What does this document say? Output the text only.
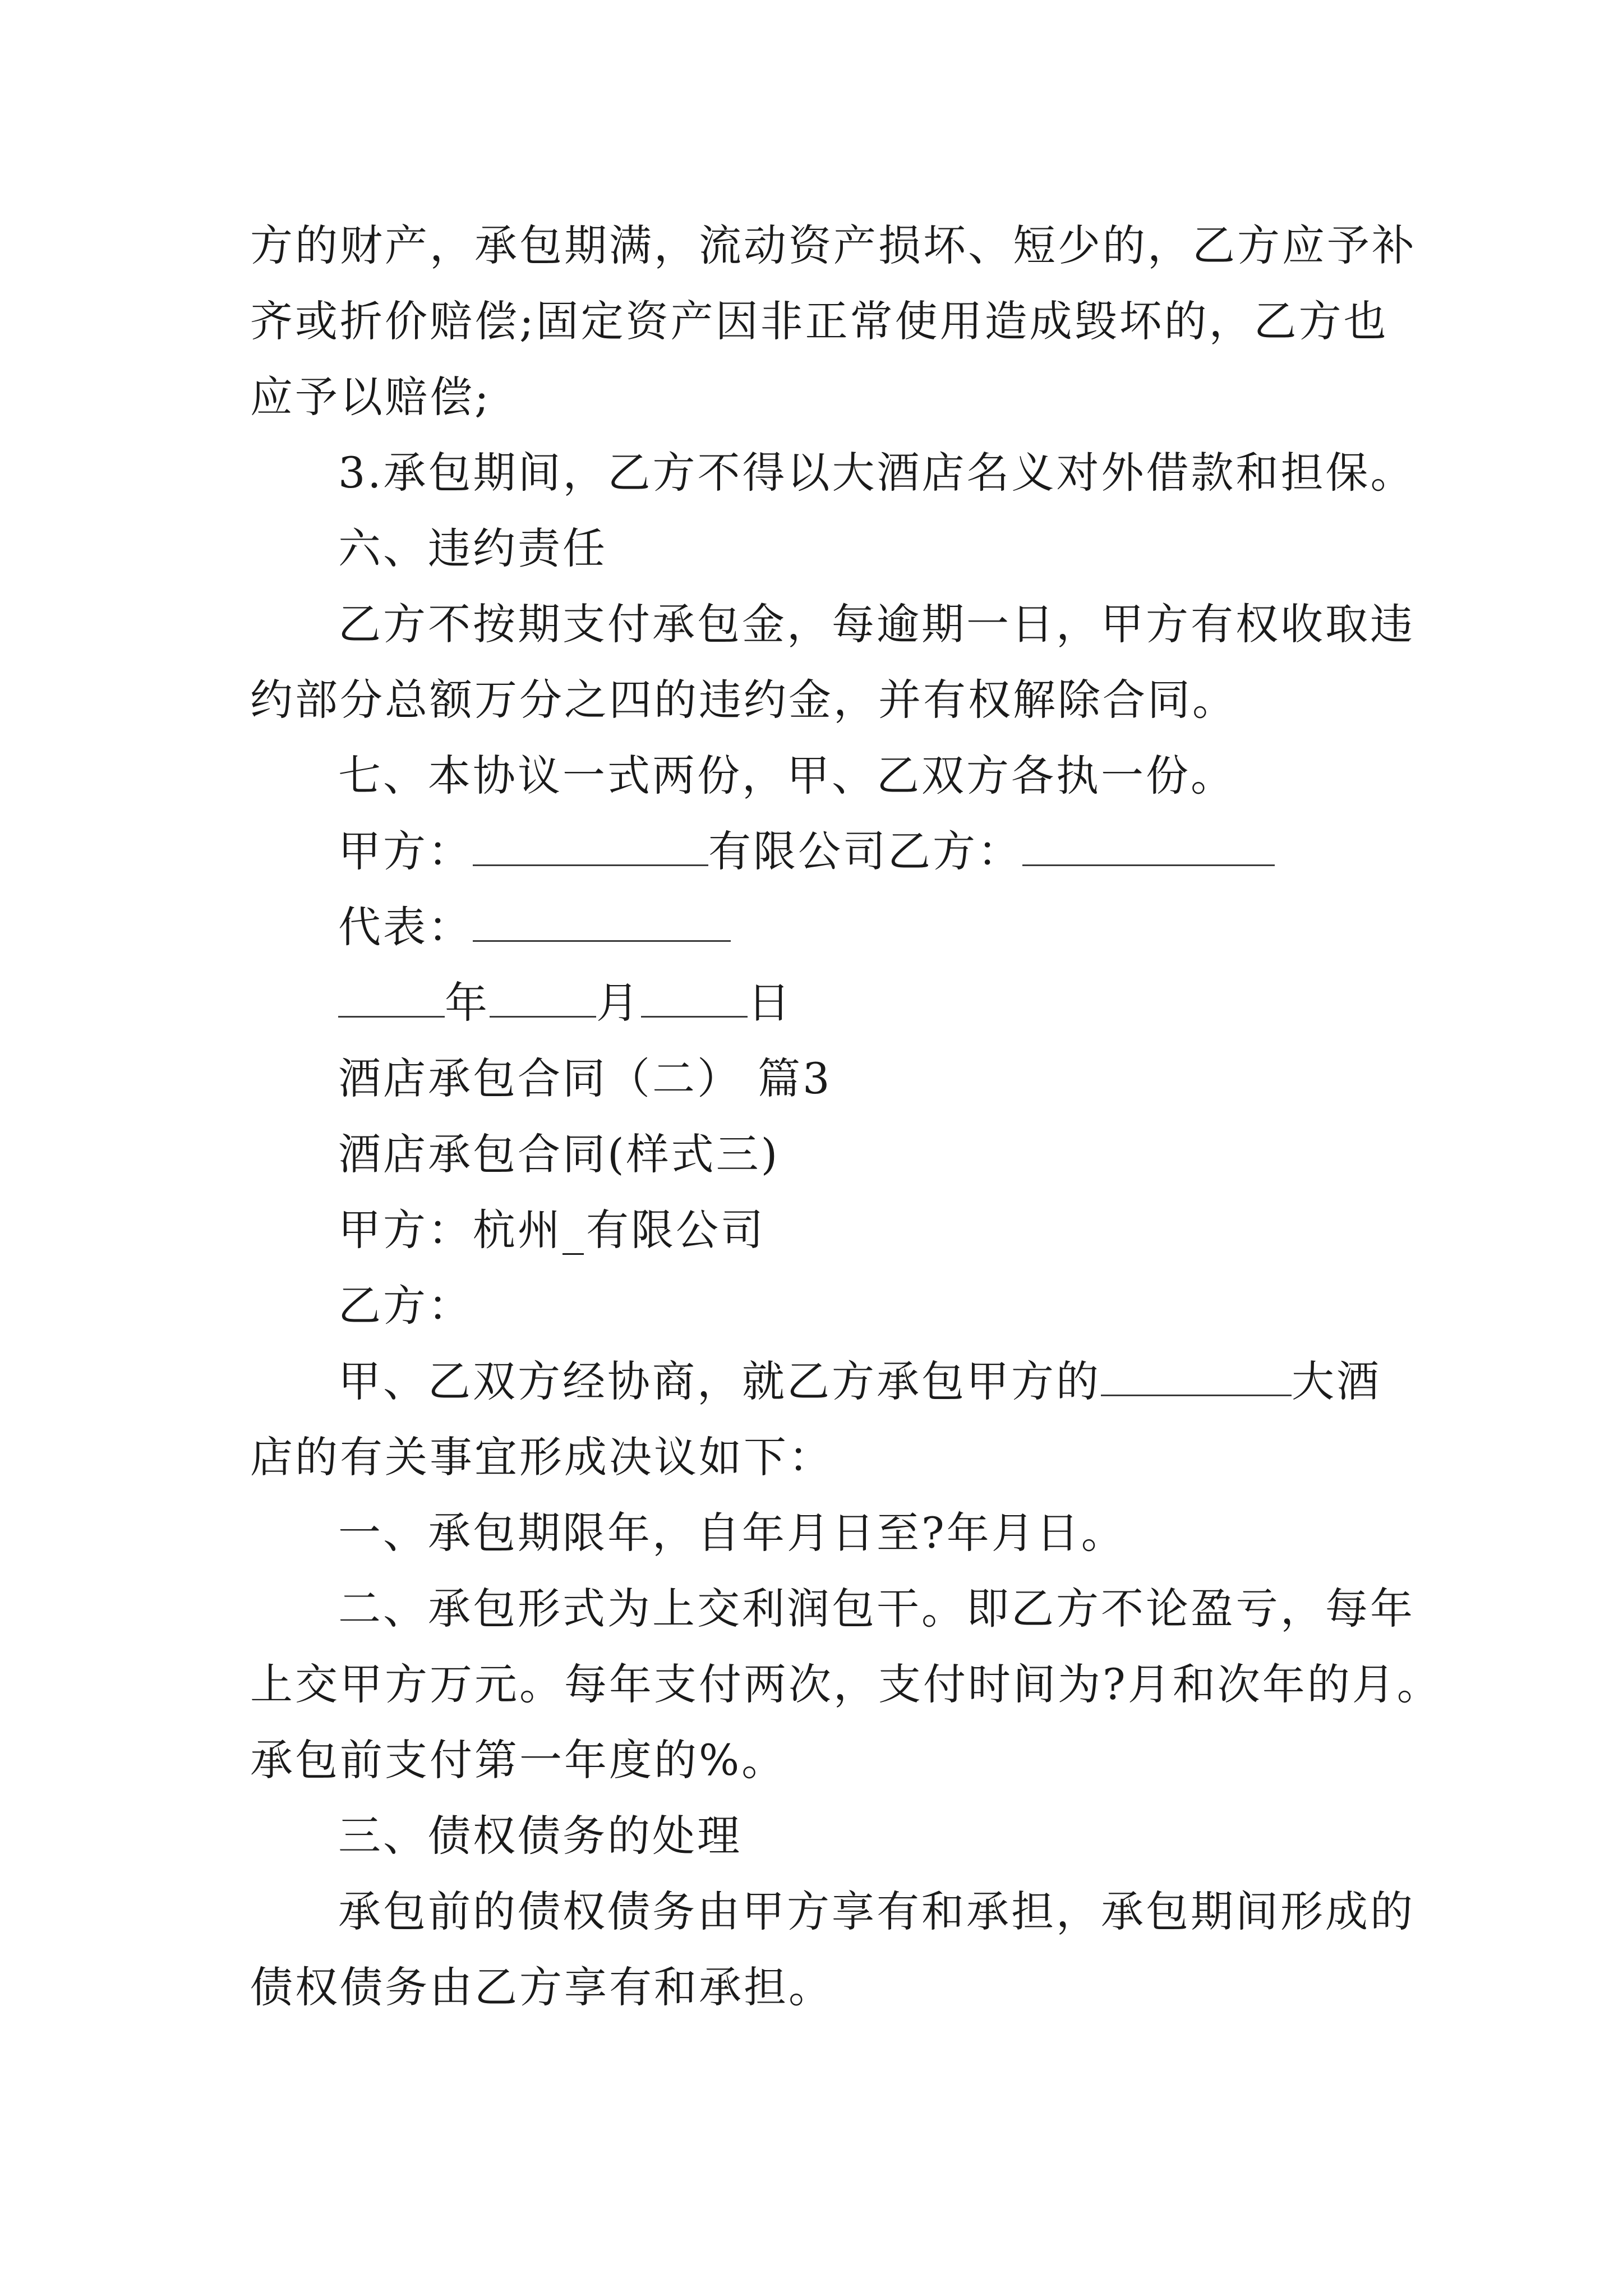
方的财产，承包期满，流动资产损坏、短少的，乙方应予补
齐或折价赔偿;固定资产因非正常使用造成毁坏的，乙方也
应予以赔偿;
3.承包期间，乙方不得以大酒店名义对外借款和担保。
六、违约责任
乙方不按期支付承包金，每逾期一日，甲方有权收取违
约部分总额万分之四的违约金，并有权解除合同。
七、本协议一式两份，甲、乙双方各执一份。
甲方：	有限公司乙方：
代表：
年	月	日
酒店承包合同（二） 篇3
酒店承包合同(样式三)
甲方：杭州_有限公司
乙方：
甲、乙双方经协商，就乙方承包甲方的	大酒
店的有关事宜形成决议如下：
一、承包期限年，自年月日至?年月日。
二、承包形式为上交利润包干。即乙方不论盈亏，每年
上交甲方万元。每年支付两次，支付时间为?月和次年的月。
承包前支付第一年度的%。
三、债权债务的处理
承包前的债权债务由甲方享有和承担，承包期间形成的
债权债务由乙方享有和承担。
